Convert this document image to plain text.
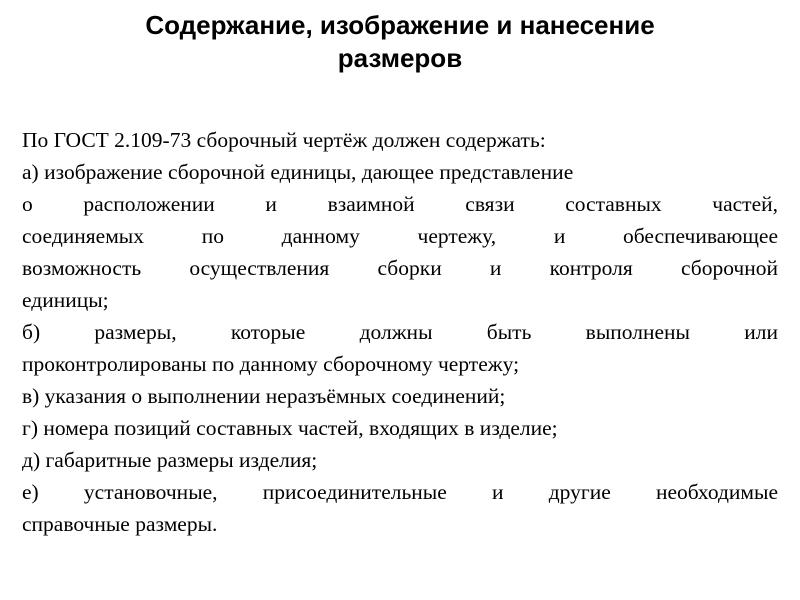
Содержание, изображение и нанесение
размеров
По ГОСТ 2.109-73 сборочный чертёж должен содержать:
а) изображение сборочной единицы, дающее представление
о расположении и взаимной связи составных частей,
соединяемых по данному чертежу, и обеспечивающее
возможность осуществления сборки и контроля сборочной
единицы;
б) размеры, которые должны быть выполнены или
проконтролированы по данному сборочному чертежу;
в) указания о выполнении неразъёмных соединений;
г) номера позиций составных частей, входящих в изделие;
д) габаритные размеры изделия;
е) установочные, присоединительные и другие необходимые
справочные размеры.
